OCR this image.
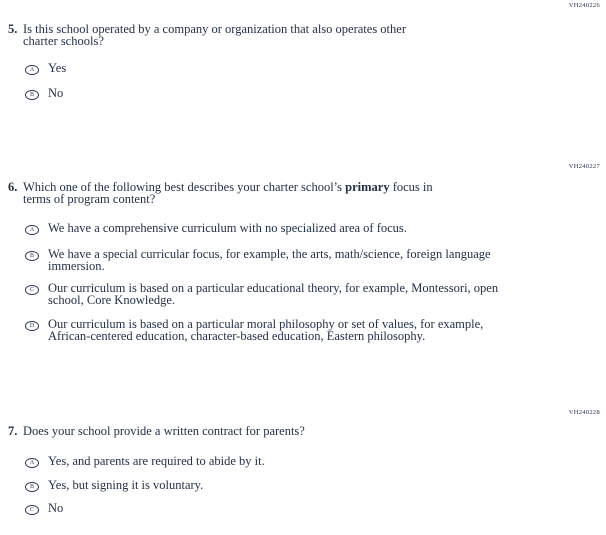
VH240226
5. Is this school operated by a company or organization that also operates other
charter schools?
A	Yes
B	No
VH240227
6. Which one of the following best describes your charter school’s primary focus in
terms of program content?
A	We have a comprehensive curriculum with no specialized area of focus.
B	We have a special curricular focus, for example, the arts, math/science, foreign language
immersion.
C	Our curriculum is based on a particular educational theory, for example, Montessori, open
school, Core Knowledge.
D	Our curriculum is based on a particular moral philosophy or set of values, for example,
African-centered education, character-based education, Eastern philosophy.
VH240228
7. Does your school provide a written contract for parents?
A	Yes, and parents are required to abide by it.
B	Yes, but signing it is voluntary.
C	No
